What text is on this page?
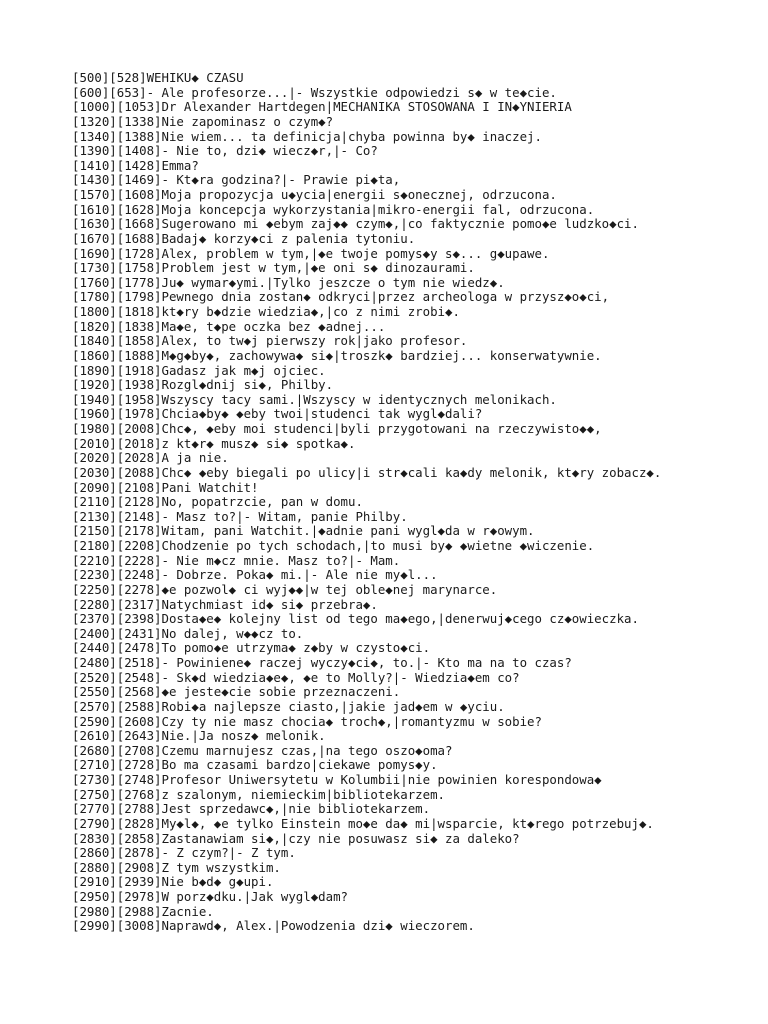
[500][528]WEHIKU◆ CZASU
[600][653]- Ale profesorze...|- Wszystkie odpowiedzi s◆ w te◆cie.
[1000][1053]Dr Alexander Hartdegen|MECHANIKA STOSOWANA I IN◆YNIERIA
[1320][1338]Nie zapominasz o czym◆?
[1340][1388]Nie wiem... ta definicja|chyba powinna by◆ inaczej.
[1390][1408]- Nie to, dzi◆ wiecz◆r,|- Co?
[1410][1428]Emma?
[1430][1469]- Kt◆ra godzina?|- Prawie pi◆ta,
[1570][1608]Moja propozycja u◆ycia|energii s◆onecznej, odrzucona.
[1610][1628]Moja koncepcja wykorzystania|mikro-energii fal, odrzucona.
[1630][1668]Sugerowano mi ◆ebym zaj◆◆ czym◆,|co faktycznie pomo◆e ludzko◆ci.
[1670][1688]Badaj◆ korzy◆ci z palenia tytoniu.
[1690][1728]Alex, problem w tym,|◆e twoje pomys◆y s◆... g◆upawe.
[1730][1758]Problem jest w tym,|◆e oni s◆ dinozaurami.
[1760][1778]Ju◆ wymar◆ymi.|Tylko jeszcze o tym nie wiedz◆.
[1780][1798]Pewnego dnia zostan◆ odkryci|przez archeologa w przysz◆o◆ci,
[1800][1818]kt◆ry b◆dzie wiedzia◆,|co z nimi zrobi◆.
[1820][1838]Ma◆e, t◆pe oczka bez ◆adnej...
[1840][1858]Alex, to tw◆j pierwszy rok|jako profesor.
[1860][1888]M◆g◆by◆, zachowywa◆ si◆|troszk◆ bardziej... konserwatywnie.
[1890][1918]Gadasz jak m◆j ojciec.
[1920][1938]Rozgl◆dnij si◆, Philby.
[1940][1958]Wszyscy tacy sami.|Wszyscy w identycznych melonikach.
[1960][1978]Chcia◆by◆ ◆eby twoi|studenci tak wygl◆dali?
[1980][2008]Chc◆, ◆eby moi studenci|byli przygotowani na rzeczywisto◆◆,
[2010][2018]z kt◆r◆ musz◆ si◆ spotka◆.
[2020][2028]A ja nie.
[2030][2088]Chc◆ ◆eby biegali po ulicy|i str◆cali ka◆dy melonik, kt◆ry zobacz◆.
[2090][2108]Pani Watchit!
[2110][2128]No, popatrzcie, pan w domu.
[2130][2148]- Masz to?|- Witam, panie Philby.
[2150][2178]Witam, pani Watchit.|◆adnie pani wygl◆da w r◆owym.
[2180][2208]Chodzenie po tych schodach,|to musi by◆ ◆wietne ◆wiczenie.
[2210][2228]- Nie m◆cz mnie. Masz to?|- Mam.
[2230][2248]- Dobrze. Poka◆ mi.|- Ale nie my◆l...
[2250][2278]◆e pozwol◆ ci wyj◆◆|w tej oble◆nej marynarce.
[2280][2317]Natychmiast id◆ si◆ przebra◆.
[2370][2398]Dosta◆e◆ kolejny list od tego ma◆ego,|denerwuj◆cego cz◆owieczka.
[2400][2431]No dalej, w◆◆cz to.
[2440][2478]To pomo◆e utrzyma◆ z◆by w czysto◆ci.
[2480][2518]- Powiniene◆ raczej wyczy◆ci◆, to.|- Kto ma na to czas?
[2520][2548]- Sk◆d wiedzia◆e◆, ◆e to Molly?|- Wiedzia◆em co?
[2550][2568]◆e jeste◆cie sobie przeznaczeni.
[2570][2588]Robi◆a najlepsze ciasto,|jakie jad◆em w ◆yciu.
[2590][2608]Czy ty nie masz chocia◆ troch◆,|romantyzmu w sobie?
[2610][2643]Nie.|Ja nosz◆ melonik.
[2680][2708]Czemu marnujesz czas,|na tego oszo◆oma?
[2710][2728]Bo ma czasami bardzo|ciekawe pomys◆y.
[2730][2748]Profesor Uniwersytetu w Kolumbii|nie powinien korespondowa◆
[2750][2768]z szalonym, niemieckim|bibliotekarzem.
[2770][2788]Jest sprzedawc◆,|nie bibliotekarzem.
[2790][2828]My◆l◆, ◆e tylko Einstein mo◆e da◆ mi|wsparcie, kt◆rego potrzebuj◆.
[2830][2858]Zastanawiam si◆,|czy nie posuwasz si◆ za daleko?
[2860][2878]- Z czym?|- Z tym.
[2880][2908]Z tym wszystkim.
[2910][2939]Nie b◆d◆ g◆upi.
[2950][2978]W porz◆dku.|Jak wygl◆dam?
[2980][2988]Zacnie.
[2990][3008]Naprawd◆, Alex.|Powodzenia dzi◆ wieczorem.
